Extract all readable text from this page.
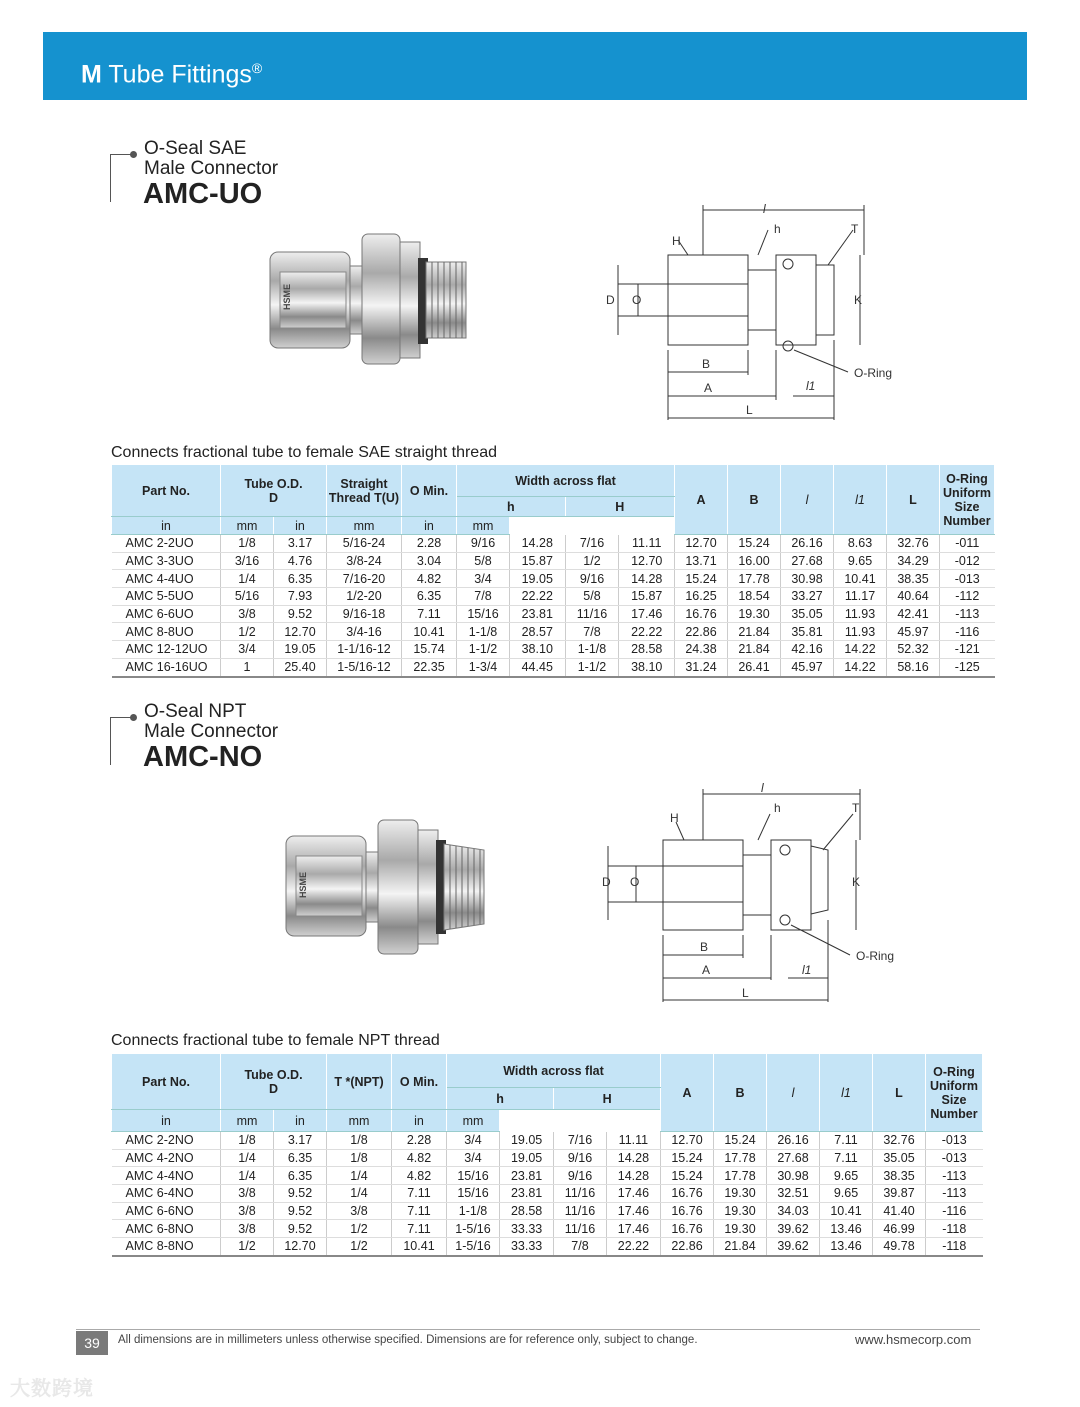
M Tube Fittings®
O-Seal SAE
Male Connector
AMC-UO
HSME
l
h	T
H
D O	K
B
A
L
l1
O-Ring
Connects fractional tube to female SAE straight thread
Part No.	Tube O.D.
D		Straight Thread T(U)	O Min.	Width across flat				A	B	l	l1	L	O-Ring Uniform Size Number
					h		H							
in	mm	in	mm	in	mm									
AMC 2-2UO	1/8	3.17	5/16-24	2.28	9/16	14.28	7/16	11.11	12.70	15.24	26.16	8.63	32.76	-011
AMC 3-3UO	3/16	4.76	3/8-24	3.04	5/8	15.87	1/2	12.70	13.71	16.00	27.68	9.65	34.29	-012
AMC 4-4UO	1/4	6.35	7/16-20	4.82	3/4	19.05	9/16	14.28	15.24	17.78	30.98	10.41	38.35	-013
AMC 5-5UO	5/16	7.93	1/2-20	6.35	7/8	22.22	5/8	15.87	16.25	18.54	33.27	11.17	40.64	-112
AMC 6-6UO	3/8	9.52	9/16-18	7.11	15/16	23.81	11/16	17.46	16.76	19.30	35.05	11.93	42.41	-113
AMC 8-8UO	1/2	12.70	3/4-16	10.41	1-1/8	28.57	7/8	22.22	22.86	21.84	35.81	11.93	45.97	-116
AMC 12-12UO	3/4	19.05	1-1/16-12	15.74	1-1/2	38.10	1-1/8	28.58	24.38	21.84	42.16	14.22	52.32	-121
AMC 16-16UO	1	25.40	1-5/16-12	22.35	1-3/4	44.45	1-1/2	38.10	31.24	26.41	45.97	14.22	58.16	-125
O-Seal NPT
Male Connector
AMC-NO
HSME
l
h	T
H
D O	K
B
A
L
l1
O-Ring
Connects fractional tube to female NPT thread
Part No.	Tube O.D.
D		T *(NPT)	O Min.	Width across flat				A	B	l	l1	L	O-Ring Uniform Size Number
					h		H							
in	mm	in	mm	in	mm									
AMC 2-2NO	1/8	3.17	1/8	2.28	3/4	19.05	7/16	11.11	12.70	15.24	26.16	7.11	32.76	-013
AMC 4-2NO	1/4	6.35	1/8	4.82	3/4	19.05	9/16	14.28	15.24	17.78	27.68	7.11	35.05	-013
AMC 4-4NO	1/4	6.35	1/4	4.82	15/16	23.81	9/16	14.28	15.24	17.78	30.98	9.65	38.35	-113
AMC 6-4NO	3/8	9.52	1/4	7.11	15/16	23.81	11/16	17.46	16.76	19.30	32.51	9.65	39.87	-113
AMC 6-6NO	3/8	9.52	3/8	7.11	1-1/8	28.58	11/16	17.46	16.76	19.30	34.03	10.41	41.40	-116
AMC 6-8NO	3/8	9.52	1/2	7.11	1-5/16	33.33	11/16	17.46	16.76	19.30	39.62	13.46	46.99	-118
AMC 8-8NO	1/2	12.70	1/2	10.41	1-5/16	33.33	7/8	22.22	22.86	21.84	39.62	13.46	49.78	-118
39	All dimensions are in millimeters unless otherwise specified. Dimensions are for reference only, subject to change.	www.hsmecorp.com
大数跨境
